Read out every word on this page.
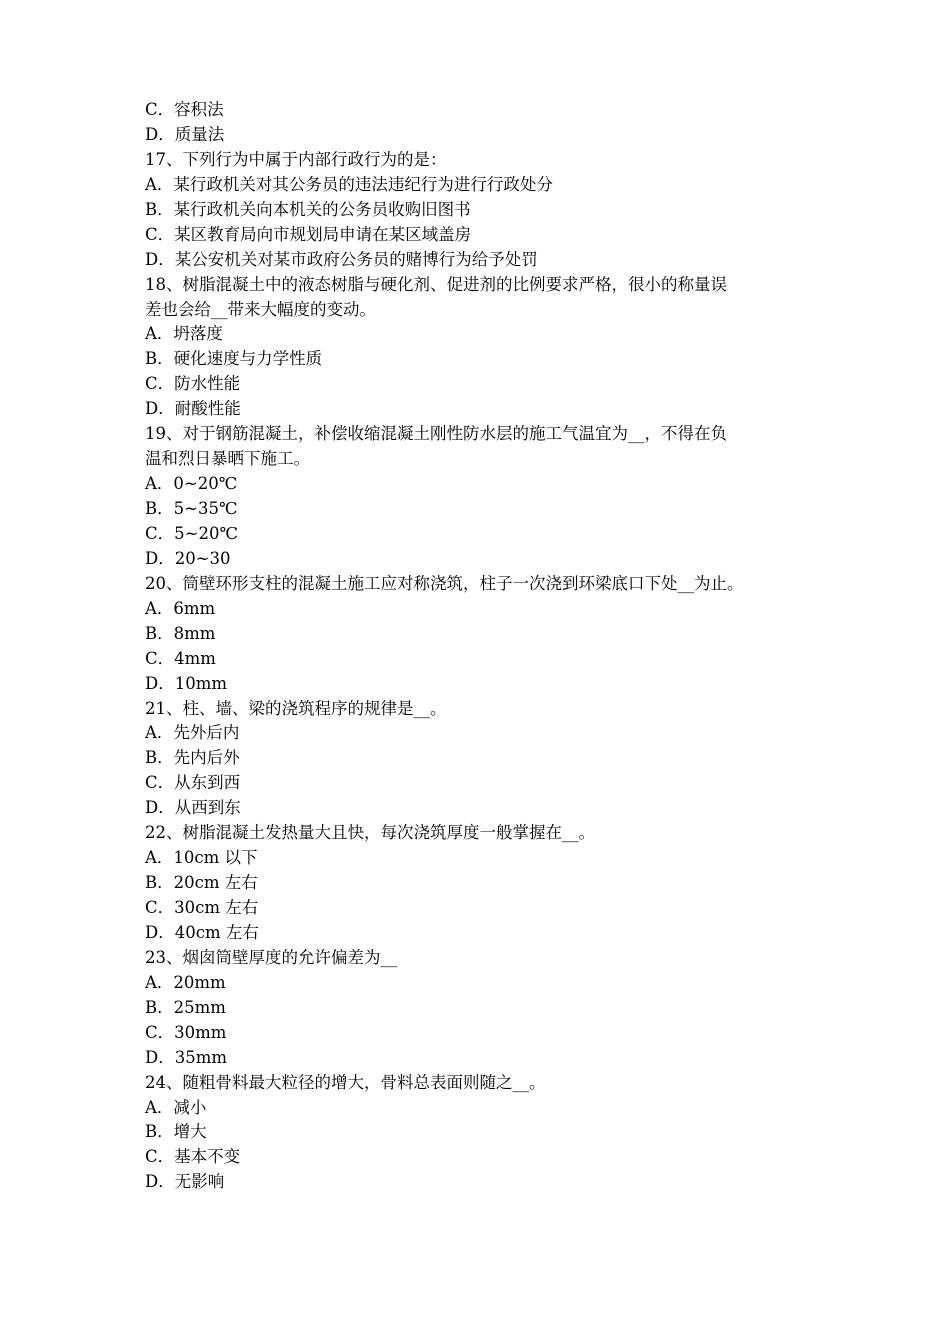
C．容积法
D．质量法
17、下列行为中属于内部行政行为的是：
A．某行政机关对其公务员的违法违纪行为进行行政处分
B．某行政机关向本机关的公务员收购旧图书
C．某区教育局向市规划局申请在某区域盖房
D．某公安机关对某市政府公务员的赌博行为给予处罚
18、树脂混凝土中的液态树脂与硬化剂、促进剂的比例要求严格，很小的称量误
差也会给__带来大幅度的变动。
A．坍落度
B．硬化速度与力学性质
C．防水性能
D．耐酸性能
19、对于钢筋混凝土，补偿收缩混凝土刚性防水层的施工气温宜为__，不得在负
温和烈日暴晒下施工。
A．0~20℃
B．5~35℃
C．5~20℃
D．20~30
20、筒壁环形支柱的混凝土施工应对称浇筑，柱子一次浇到环梁底口下处__为止。
A．6mm
B．8mm
C．4mm
D．10mm
21、柱、墙、梁的浇筑程序的规律是__。
A．先外后内
B．先内后外
C．从东到西
D．从西到东
22、树脂混凝土发热量大且快，每次浇筑厚度一般掌握在__。
A．10cm 以下
B．20cm 左右
C．30cm 左右
D．40cm 左右
23、烟囱筒壁厚度的允许偏差为__
A．20mm
B．25mm
C．30mm
D．35mm
24、随粗骨料最大粒径的增大，骨料总表面则随之__。
A．减小
B．增大
C．基本不变
D．无影响
